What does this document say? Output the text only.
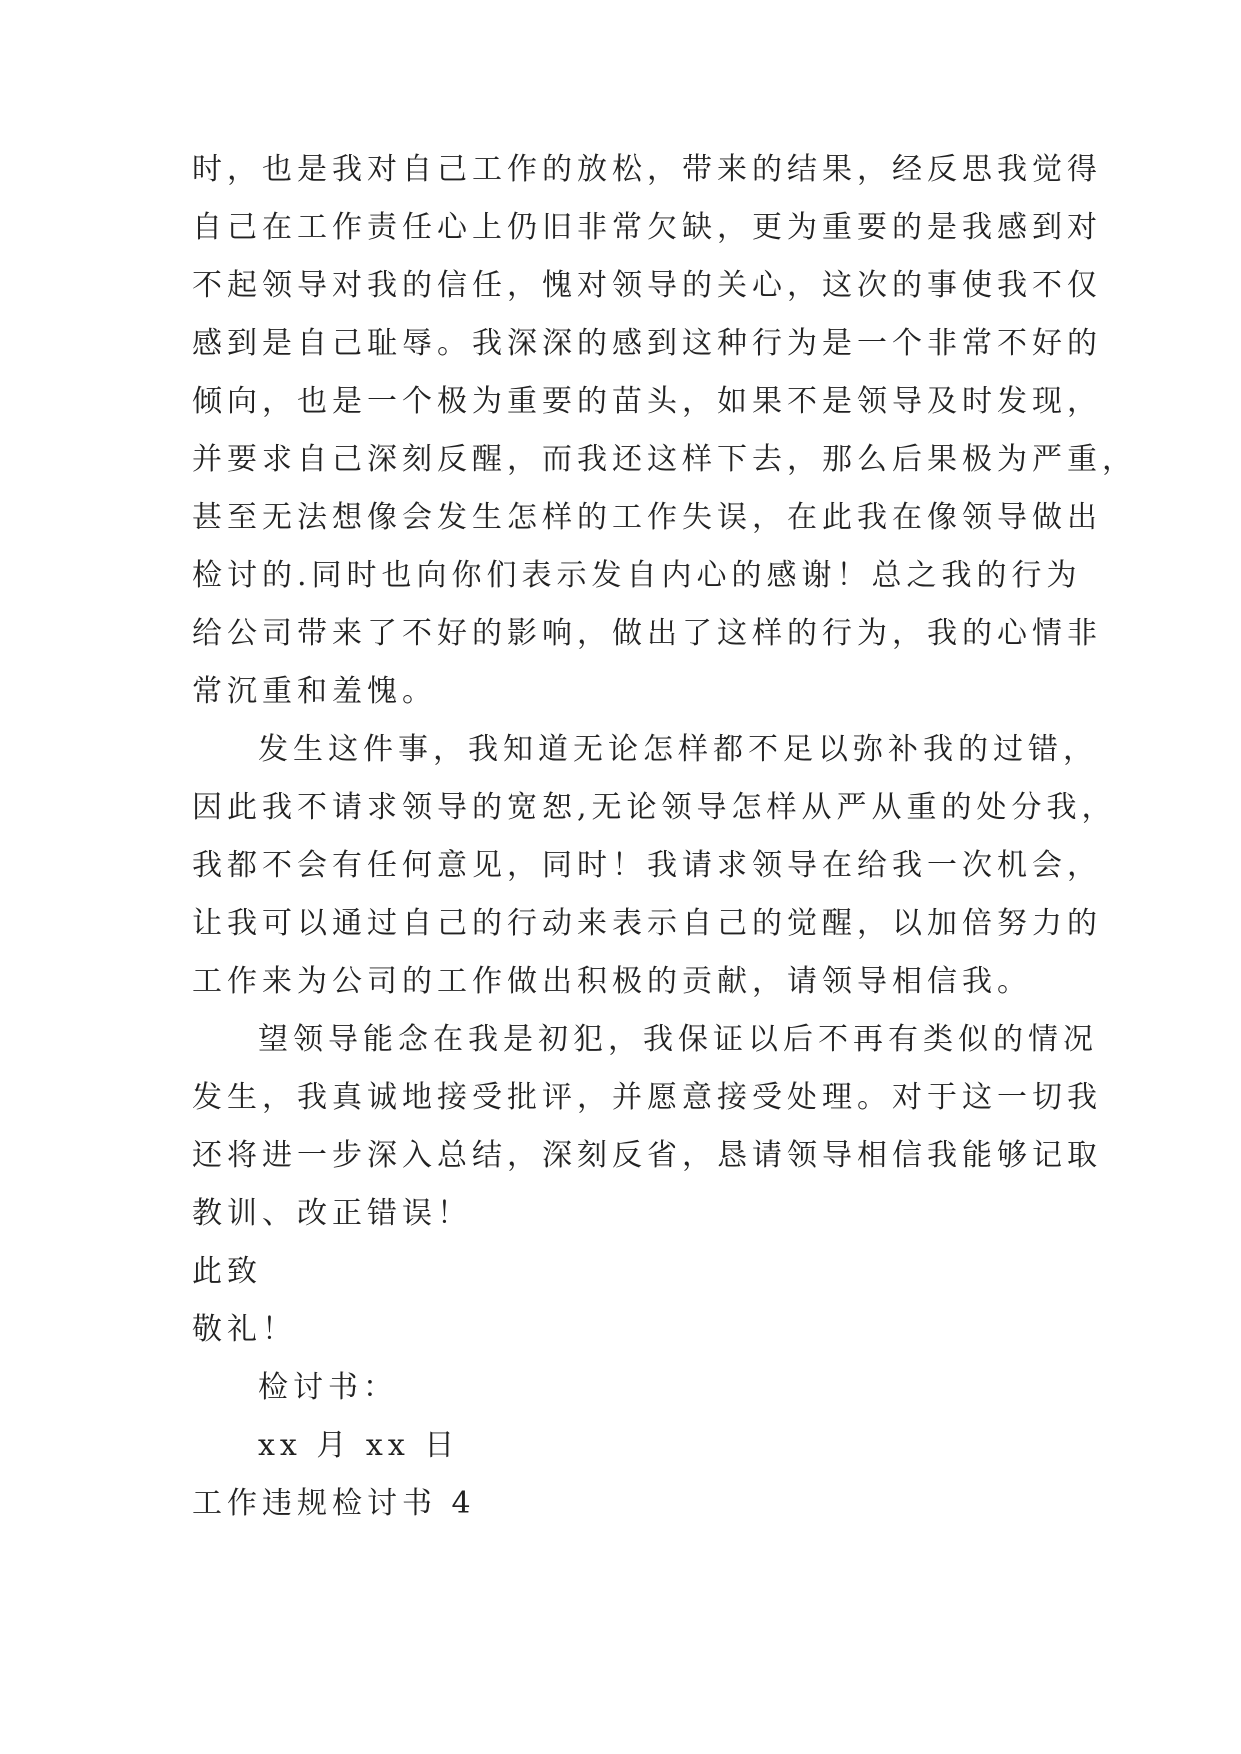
时，也是我对自己工作的放松，带来的结果，经反思我觉得
自己在工作责任心上仍旧非常欠缺，更为重要的是我感到对
不起领导对我的信任，愧对领导的关心，这次的事使我不仅
感到是自己耻辱。我深深的感到这种行为是一个非常不好的
倾向，也是一个极为重要的苗头，如果不是领导及时发现，
并要求自己深刻反醒，而我还这样下去，那么后果极为严重，
甚至无法想像会发生怎样的工作失误，在此我在像领导做出
检讨的.同时也向你们表示发自内心的感谢！总之我的行为
给公司带来了不好的影响，做出了这样的行为，我的心情非
常沉重和羞愧。
发生这件事，我知道无论怎样都不足以弥补我的过错，
因此我不请求领导的宽恕,无论领导怎样从严从重的处分我，
我都不会有任何意见，同时！我请求领导在给我一次机会，
让我可以通过自己的行动来表示自己的觉醒，以加倍努力的
工作来为公司的工作做出积极的贡献，请领导相信我。
望领导能念在我是初犯，我保证以后不再有类似的情况
发生，我真诚地接受批评，并愿意接受处理。对于这一切我
还将进一步深入总结，深刻反省，恳请领导相信我能够记取
教训、改正错误！
此致
敬礼！
检讨书：
xx 月 xx 日
工作违规检讨书 4
